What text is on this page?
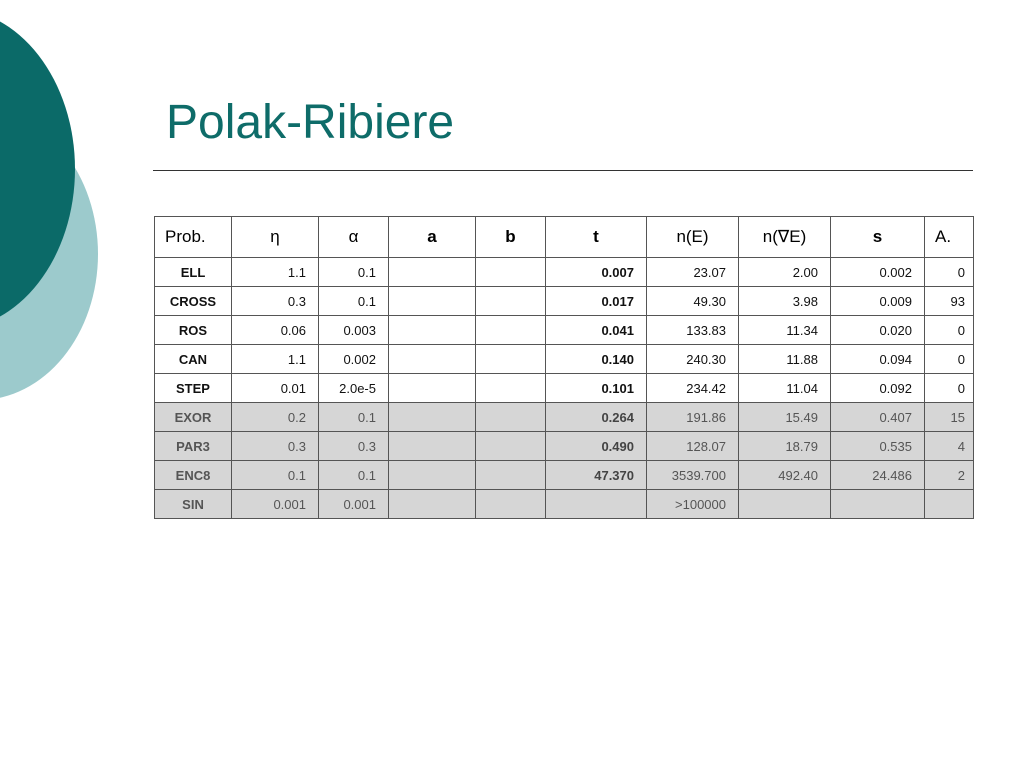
Polak-Ribiere
Prob.	η	α	a	b	t	n(E)	n(∇E)	s	A.
ELL	1.1	0.1			0.007	23.07	2.00	0.002	0
CROSS	0.3	0.1			0.017	49.30	3.98	0.009	93
ROS	0.06	0.003			0.041	133.83	11.34	0.020	0
CAN	1.1	0.002			0.140	240.30	11.88	0.094	0
STEP	0.01	2.0e-5			0.101	234.42	11.04	0.092	0
EXOR	0.2	0.1			0.264	191.86	15.49	0.407	15
PAR3	0.3	0.3			0.490	128.07	18.79	0.535	4
ENC8	0.1	0.1			47.370	3539.700	492.40	24.486	2
SIN	0.001	0.001				>100000			
